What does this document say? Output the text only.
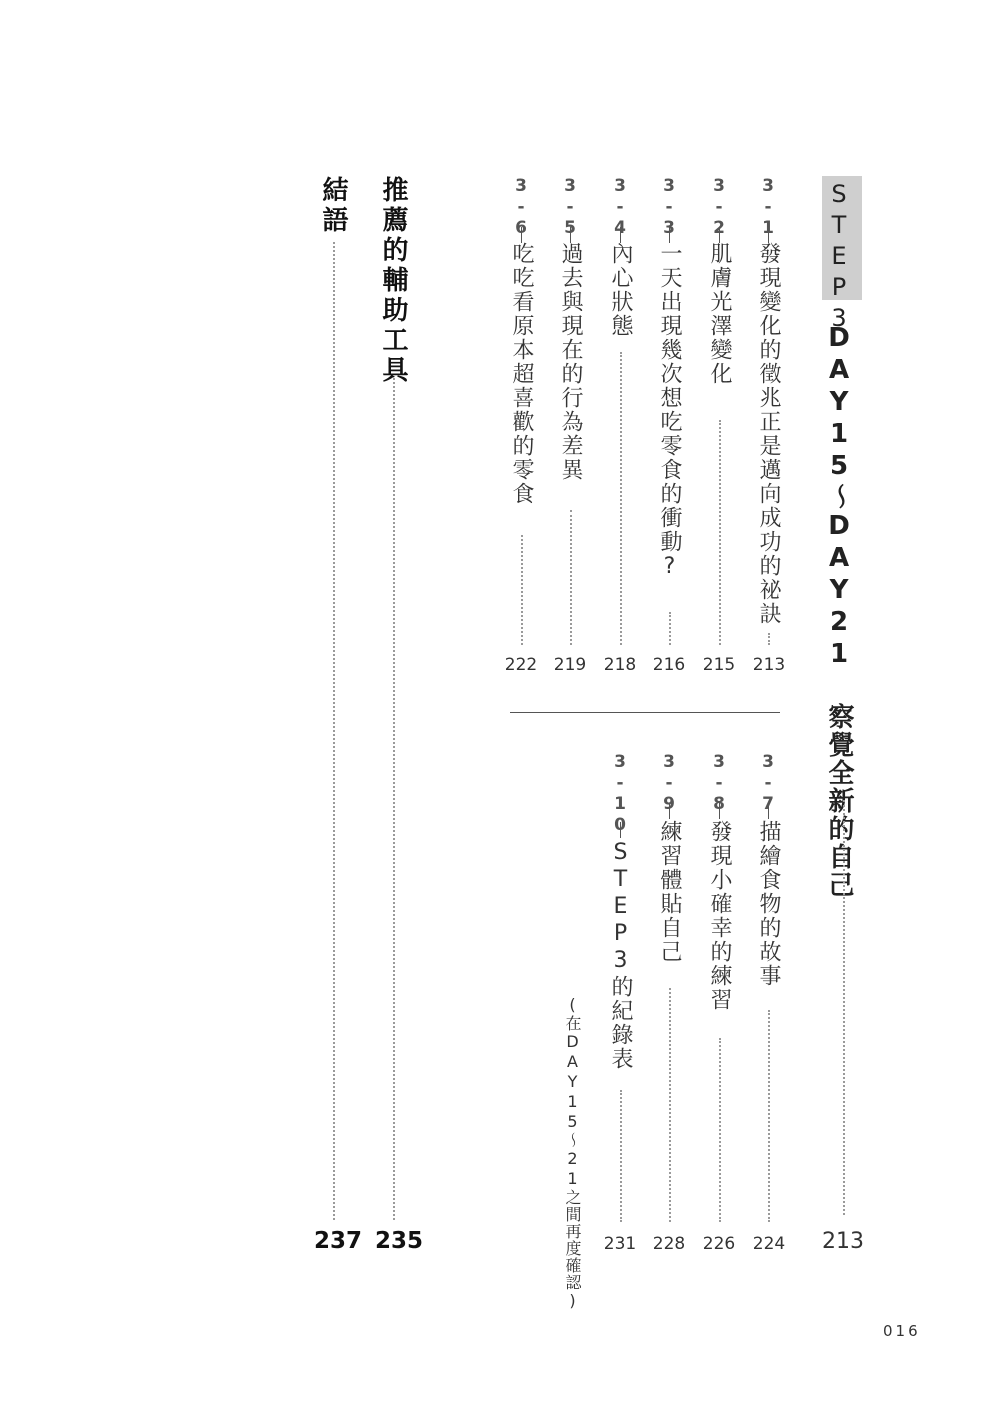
STEP3
DAY15〜DAY21 察覺全新的自己
213
3-1
發現變化的徵兆正是邁向成功的祕訣
213
3-2
肌膚光澤變化
215
3-3
一天出現幾次想吃零食的衝動?
216
3-4
內心狀態
218
3-5
過去與現在的行為差異
219
3-6
吃吃看原本超喜歡的零食
222
3-7
描繪食物的故事
224
3-8
發現小確幸的練習
226
3-9
練習體貼自己
228
3-10
STEP3的紀錄表
231
(在DAY15〜21之間再度確認)
推薦的輔助工具
235
結語
237
016
